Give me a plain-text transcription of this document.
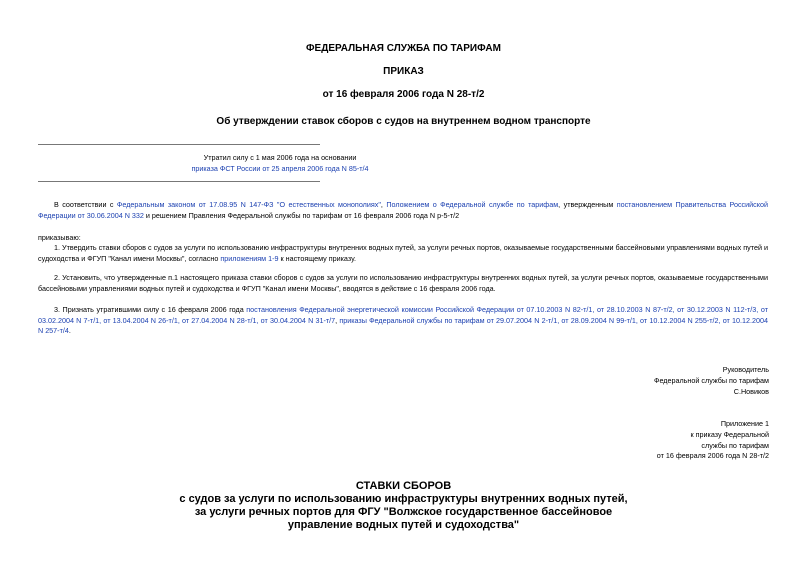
ФЕДЕРАЛЬНАЯ СЛУЖБА ПО ТАРИФАМ
ПРИКАЗ
от 16 февраля 2006 года N 28-т/2
Об утверждении ставок сборов с судов на внутреннем водном транспорте
Утратил силу с 1 мая 2006 года на основании
приказа ФСТ России от 25 апреля 2006 года N 85-т/4
В соответствии с Федеральным законом от 17.08.95 N 147-ФЗ "О естественных монополиях", Положением о Федеральной службе по тарифам, утвержденным постановлением Правительства Российской Федерации от 30.06.2004 N 332 и решением Правления Федеральной службы по тарифам от 16 февраля 2006 года N р-5-т/2
приказываю:
1. Утвердить ставки сборов с судов за услуги по использованию инфраструктуры внутренних водных путей, за услуги речных портов, оказываемые государственными бассейновыми управлениями водных путей и судоходства и ФГУП "Канал имени Москвы", согласно приложениям 1-9 к настоящему приказу.
2. Установить, что утвержденные п.1 настоящего приказа ставки сборов с судов за услуги по использованию инфраструктуры внутренних водных путей, за услуги речных портов, оказываемые государственными бассейновыми управлениями водных путей и судоходства и ФГУП "Канал имени Москвы", вводятся в действие с 16 февраля 2006 года.
3. Признать утратившими силу с 16 февраля 2006 года постановления Федеральной энергетической комиссии Российской Федерации от 07.10.2003 N 82-т/1, от 28.10.2003 N 87-т/2, от 30.12.2003 N 112-т/3, от 03.02.2004 N 7-т/1, от 13.04.2004 N 26-т/1, от 27.04.2004 N 28-т/1, от 30.04.2004 N 31-т/7, приказы Федеральной службы по тарифам от 29.07.2004 N 2-т/1, от 28.09.2004 N 99-т/1, от 10.12.2004 N 255-т/2, от 10.12.2004 N 257-т/4.
Руководитель
Федеральной службы по тарифам
С.Новиков
Приложение 1
к приказу Федеральной
службы по тарифам
от 16 февраля 2006 года N 28-т/2
СТАВКИ СБОРОВ
с судов за услуги по использованию инфраструктуры внутренних водных путей,
за услуги речных портов для ФГУ "Волжское государственное бассейновое
управление водных путей и судоходства"
